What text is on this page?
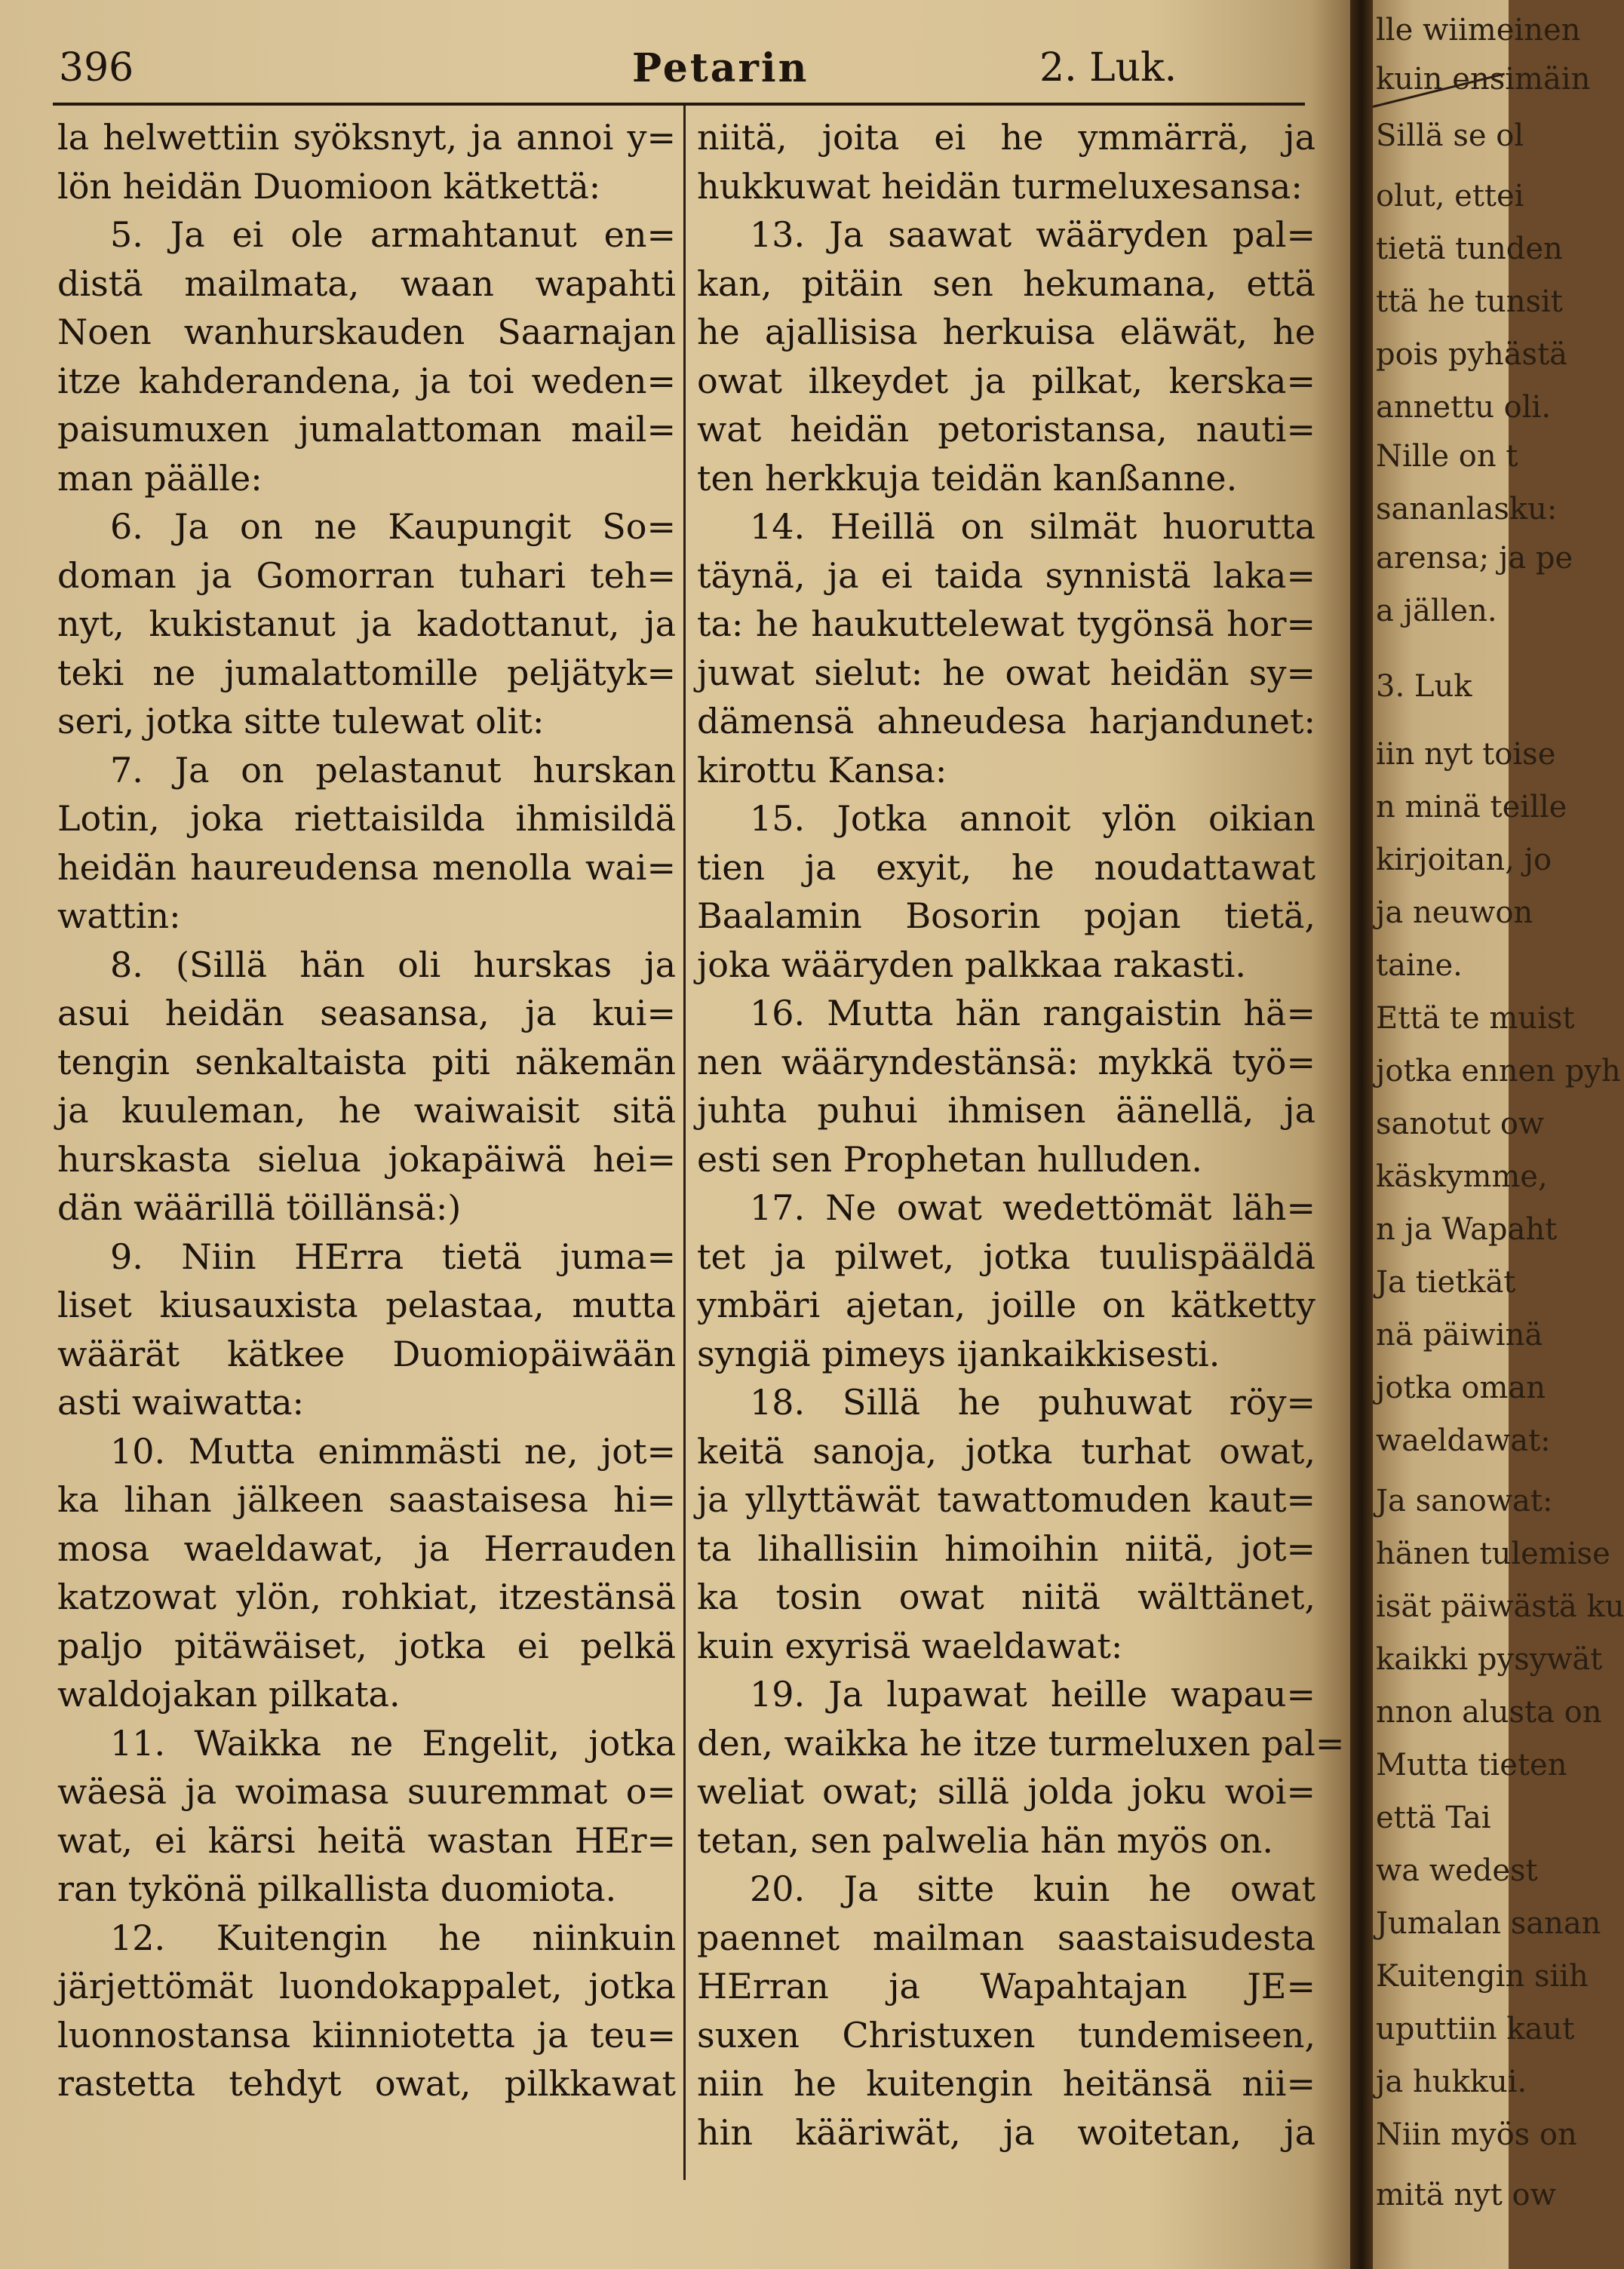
396	Petarin	2. Luk.
la helwettiin syöksnyt, ja annoi y=
lön heidän Duomioon kätkettä:
5. Ja ei ole armahtanut en=
distä mailmata, waan wapahti
Noen wanhurskauden Saarnajan
itze kahderandena, ja toi weden=
paisumuxen jumalattoman mail=
man päälle:
6. Ja on ne Kaupungit So=
doman ja Gomorran tuhari teh=
nyt, kukistanut ja kadottanut, ja
teki ne jumalattomille peljätyk=
seri, jotka sitte tulewat olit:
7. Ja on pelastanut hurskan
Lotin, joka riettaisilda ihmisildä
heidän haureudensa menolla wai=
wattin:
8. (Sillä hän oli hurskas ja
asui heidän seasansa, ja kui=
tengin senkaltaista piti näkemän
ja kuuleman, he waiwaisit sitä
hurskasta sielua jokapäiwä hei=
dän wäärillä töillänsä:)
9. Niin HErra tietä juma=
liset kiusauxista pelastaa, mutta
wäärät kätkee Duomiopäiwään
asti waiwatta:
10. Mutta enimmästi ne, jot=
ka lihan jälkeen saastaisesa hi=
mosa waeldawat, ja Herrauden
katzowat ylön, rohkiat, itzestänsä
paljo pitäwäiset, jotka ei pelkä
waldojakan pilkata.
11. Waikka ne Engelit, jotka
wäesä ja woimasa suuremmat o=
wat, ei kärsi heitä wastan HEr=
ran tykönä pilkallista duomiota.
12. Kuitengin he niinkuin
järjettömät luondokappalet, jotka
luonnostansa kiinniotetta ja teu=
rastetta tehdyt owat, pilkkawat
niitä, joita ei he ymmärrä, ja
hukkuwat heidän turmeluxesansa:
13. Ja saawat wääryden pal=
kan, pitäin sen hekumana, että
he ajallisisa herkuisa eläwät, he
owat ilkeydet ja pilkat, kerska=
wat heidän petoristansa, nauti=
ten herkkuja teidän kanßanne.
14. Heillä on silmät huorutta
täynä, ja ei taida synnistä laka=
ta: he haukuttelewat tygönsä hor=
juwat sielut: he owat heidän sy=
dämensä ahneudesa harjandunet:
kirottu Kansa:
15. Jotka annoit ylön oikian
tien ja exyit, he noudattawat
Baalamin Bosorin pojan tietä,
joka wääryden palkkaa rakasti.
16. Mutta hän rangaistin hä=
nen wääryndestänsä: mykkä työ=
juhta puhui ihmisen äänellä, ja
esti sen Prophetan hulluden.
17. Ne owat wedettömät läh=
tet ja pilwet, jotka tuulispääldä
ymbäri ajetan, joille on kätketty
syngiä pimeys ijankaikkisesti.
18. Sillä he puhuwat röy=
keitä sanoja, jotka turhat owat,
ja yllyttäwät tawattomuden kaut=
ta lihallisiin himoihin niitä, jot=
ka tosin owat niitä wälttänet,
kuin exyrisä waeldawat:
19. Ja lupawat heille wapau=
den, waikka he itze turmeluxen pal=
weliat owat; sillä jolda joku woi=
tetan, sen palwelia hän myös on.
20. Ja sitte kuin he owat
paennet mailman saastaisudesta
HErran ja Wapahtajan JE=
suxen Christuxen tundemiseen,
niin he kuitengin heitänsä nii=
hin kääriwät, ja woitetan, ja
lle wiimeinen
kuin ensimäin
Sillä se ol
olut, ettei
tietä tunden
ttä he tunsit
pois pyhästä
annettu oli.
Nille on t
sananlasku:
arensa; ja pe
a jällen.
3. Luk
iin nyt toise
n minä teille
kirjoitan, jo
ja neuwon
taine.
Että te muist
jotka ennen pyh
sanotut ow
käskymme,
n ja Wapaht
Ja tietkät
nä päiwinä
jotka oman
waeldawat:
Ja sanowat:
hänen tulemise
isät päiwästä ku
kaikki pysywät
nnon alusta on
Mutta tieten
että Tai
wa wedest
Jumalan sanan
Kuitengin siih
uputtiin kaut
ja hukkui.
Niin myös on
mitä nyt ow
